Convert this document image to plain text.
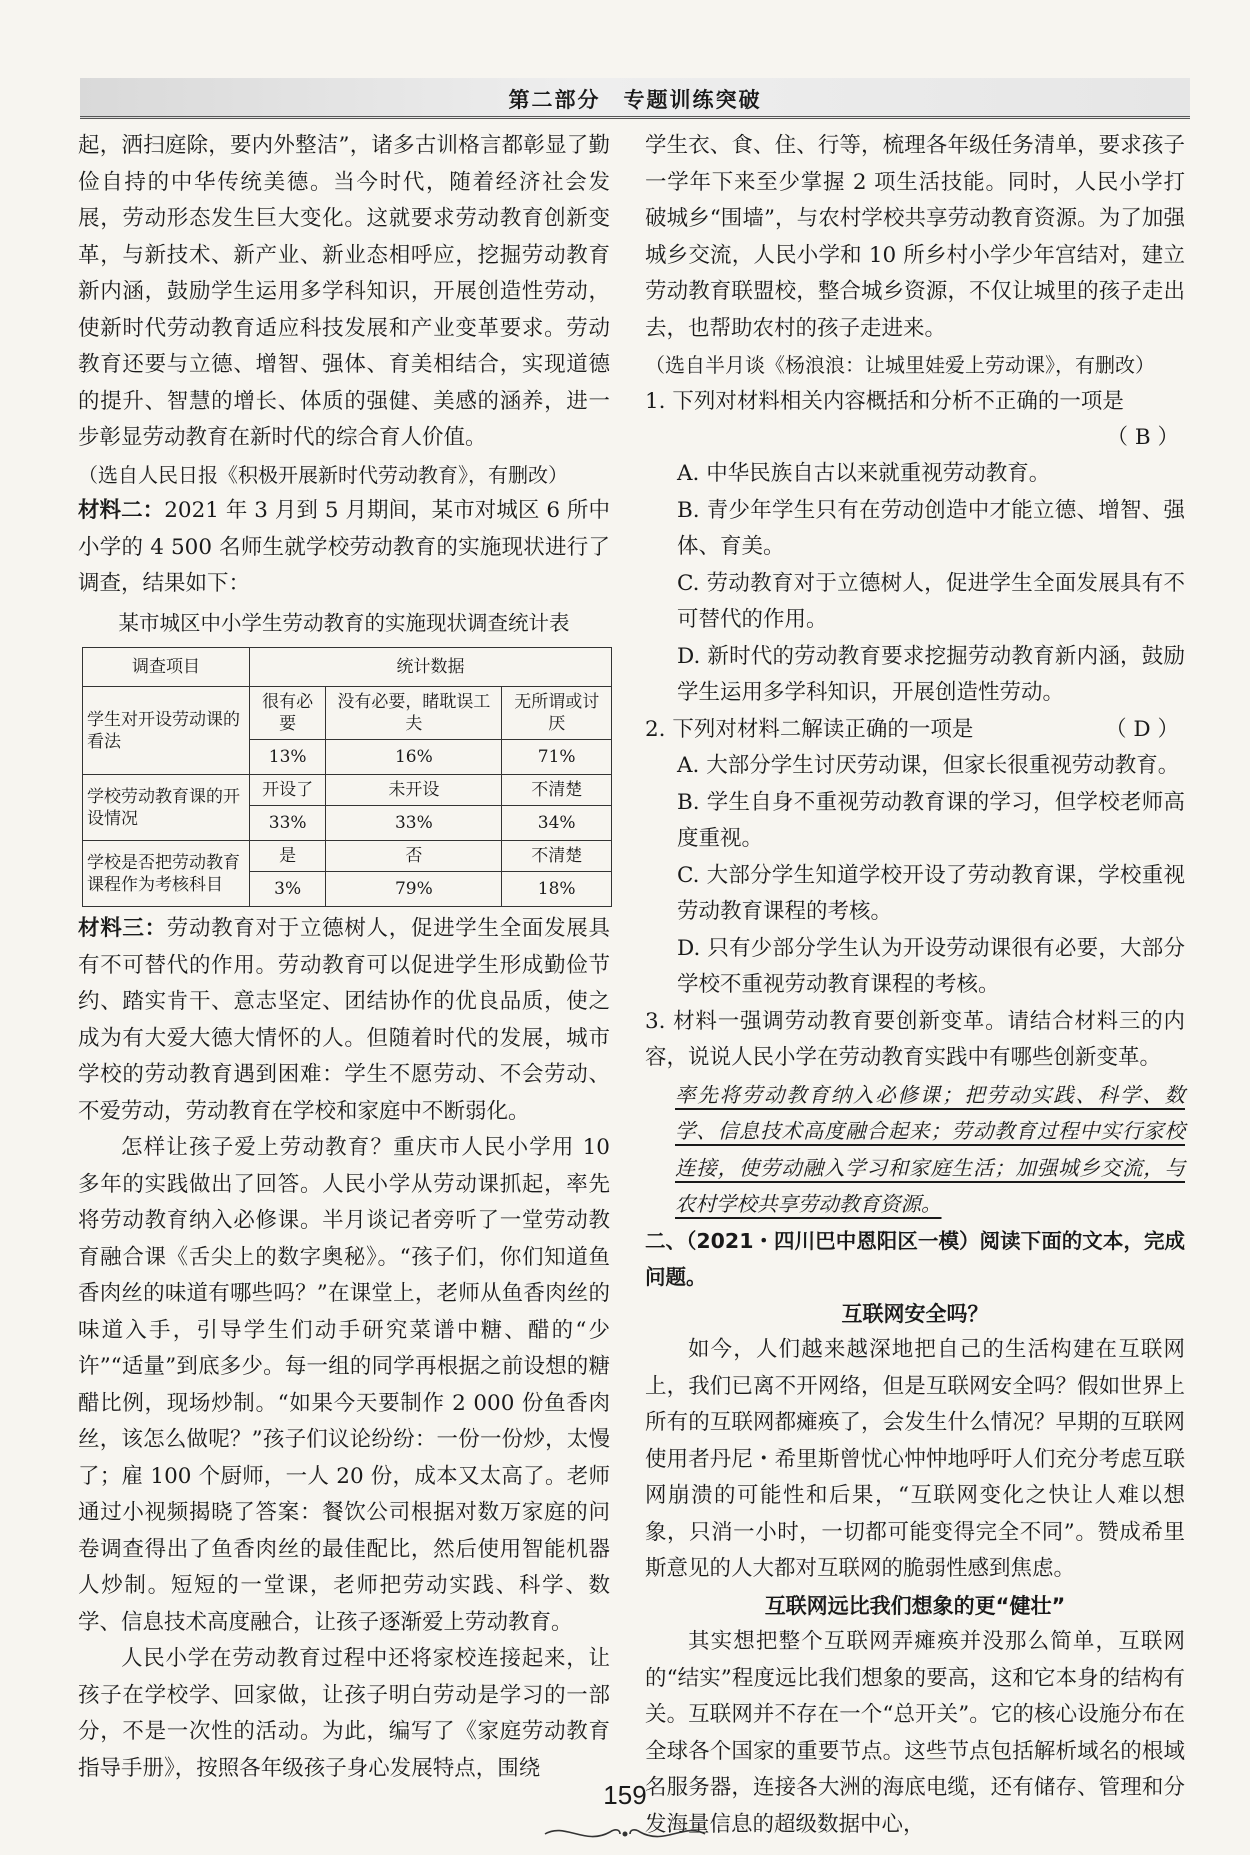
第二部分　专题训练突破

起，洒扫庭除，要内外整洁”，诸多古训格言都彰显了勤俭自持的中华传统美德。当今时代，随着经济社会发展，劳动形态发生巨大变化。这就要求劳动教育创新变革，与新技术、新产业、新业态相呼应，挖掘劳动教育新内涵，鼓励学生运用多学科知识，开展创造性劳动，使新时代劳动教育适应科技发展和产业变革要求。劳动教育还要与立德、增智、强体、育美相结合，实现道德的提升、智慧的增长、体质的强健、美感的涵养，进一步彰显劳动教育在新时代的综合育人价值。

（选自人民日报《积极开展新时代劳动教育》，有删改）

材料二：2021 年 3 月到 5 月期间，某市对城区 6 所中小学的 4 500 名师生就学校劳动教育的实施现状进行了调查，结果如下：

某市城区中小学生劳动教育的实施现状调查统计表
调查项目	统计数据		
学生对开设劳动课的看法	很有必要	没有必要，睹耽误工夫	无所谓或讨厌
	13%	16%	71%
学校劳动教育课的开设情况	开设了	未开设	不清楚
	33%	33%	34%
学校是否把劳动教育课程作为考核科目	是	否	不清楚
	3%	79%	18%

材料三：劳动教育对于立德树人，促进学生全面发展具有不可替代的作用。劳动教育可以促进学生形成勤俭节约、踏实肯干、意志坚定、团结协作的优良品质，使之成为有大爱大德大情怀的人。但随着时代的发展，城市学校的劳动教育遇到困难：学生不愿劳动、不会劳动、不爱劳动，劳动教育在学校和家庭中不断弱化。

怎样让孩子爱上劳动教育？重庆市人民小学用 10 多年的实践做出了回答。人民小学从劳动课抓起，率先将劳动教育纳入必修课。半月谈记者旁听了一堂劳动教育融合课《舌尖上的数字奥秘》。“孩子们，你们知道鱼香肉丝的味道有哪些吗？”在课堂上，老师从鱼香肉丝的味道入手，引导学生们动手研究菜谱中糖、醋的“少许”“适量”到底多少。每一组的同学再根据之前设想的糖醋比例，现场炒制。“如果今天要制作 2 000 份鱼香肉丝，该怎么做呢？”孩子们议论纷纷：一份一份炒，太慢了；雇 100 个厨师，一人 20 份，成本又太高了。老师通过小视频揭晓了答案：餐饮公司根据对数万家庭的问卷调查得出了鱼香肉丝的最佳配比，然后使用智能机器人炒制。短短的一堂课，老师把劳动实践、科学、数学、信息技术高度融合，让孩子逐渐爱上劳动教育。

人民小学在劳动教育过程中还将家校连接起来，让孩子在学校学、回家做，让孩子明白劳动是学习的一部分，不是一次性的活动。为此，编写了《家庭劳动教育指导手册》，按照各年级孩子身心发展特点，围绕

学生衣、食、住、行等，梳理各年级任务清单，要求孩子一学年下来至少掌握 2 项生活技能。同时，人民小学打破城乡“围墙”，与农村学校共享劳动教育资源。为了加强城乡交流，人民小学和 10 所乡村小学少年宫结对，建立劳动教育联盟校，整合城乡资源，不仅让城里的孩子走出去，也帮助农村的孩子走进来。

（选自半月谈《杨浪浪：让城里娃爱上劳动课》，有删改）

1. 下列对材料相关内容概括和分析不正确的一项是

（ B ）

A. 中华民族自古以来就重视劳动教育。

B. 青少年学生只有在劳动创造中才能立德、增智、强体、育美。

C. 劳动教育对于立德树人，促进学生全面发展具有不可替代的作用。

D. 新时代的劳动教育要求挖掘劳动教育新内涵，鼓励学生运用多学科知识，开展创造性劳动。

2. 下列对材料二解读正确的一项是	（ D ）

A. 大部分学生讨厌劳动课，但家长很重视劳动教育。

B. 学生自身不重视劳动教育课的学习，但学校老师高度重视。

C. 大部分学生知道学校开设了劳动教育课，学校重视劳动教育课程的考核。

D. 只有少部分学生认为开设劳动课很有必要，大部分学校不重视劳动教育课程的考核。

3. 材料一强调劳动教育要创新变革。请结合材料三的内容，说说人民小学在劳动教育实践中有哪些创新变革。

率先将劳动教育纳入必修课；把劳动实践、科学、数学、信息技术高度融合起来；劳动教育过程中实行家校连接，使劳动融入学习和家庭生活；加强城乡交流，与农村学校共享劳动教育资源。

二、（2021・四川巴中恩阳区一模）阅读下面的文本，完成问题。

互联网安全吗？

如今，人们越来越深地把自己的生活构建在互联网上，我们已离不开网络，但是互联网安全吗？假如世界上所有的互联网都瘫痪了，会发生什么情况？早期的互联网使用者丹尼・希里斯曾忧心忡忡地呼吁人们充分考虑互联网崩溃的可能性和后果，“互联网变化之快让人难以想象，只消一小时，一切都可能变得完全不同”。赞成希里斯意见的人大都对互联网的脆弱性感到焦虑。

互联网远比我们想象的更“健壮”

其实想把整个互联网弄瘫痪并没那么简单，互联网的“结实”程度远比我们想象的要高，这和它本身的结构有关。互联网并不存在一个“总开关”。它的核心设施分布在全球各个国家的重要节点。这些节点包括解析域名的根域名服务器，连接各大洲的海底电缆，还有储存、管理和分发海量信息的超级数据中心，

159
